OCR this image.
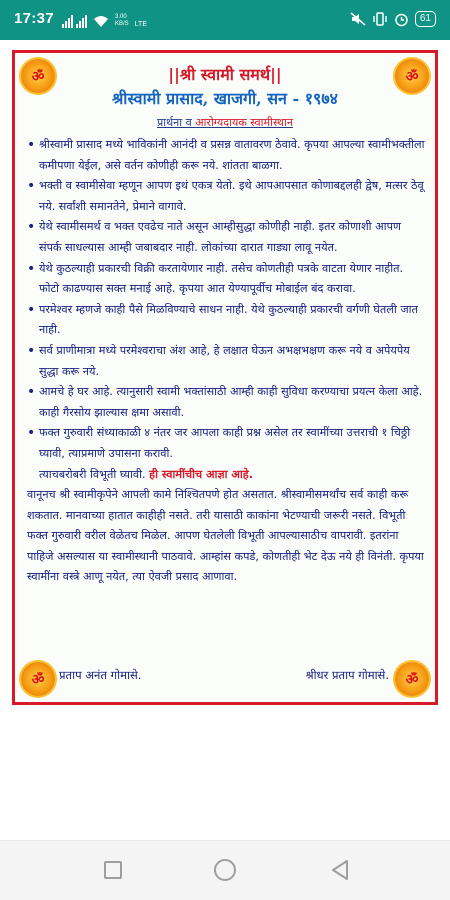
17:37	3.00
KB/S LTE
61
ॐ	ॐ
ॐ	ॐ
||श्री स्वामी समर्थ||
श्रीस्वामी प्रासाद, खाजगी, सन - १९७४
प्रार्थना व आरोग्यदायक स्वामीस्थान
• श्रीस्वामी प्रासाद मध्ये भाविकांनी आनंदी व प्रसन्न वातावरण ठेवावे. कृपया आपल्या स्वामीभक्तीला कमीपणा येईल, असे वर्तन कोणीही करू नये. शांतता बाळगा.
• भक्ती व स्वामीसेवा म्हणून आपण इथं एकत्र येतो. इथे आपआपसात कोणाबद्दलही द्वेष, मत्सर ठेवू नये. सर्वांशी समानतेने, प्रेमाने वागावे.
• येथे स्वामीसमर्थ व भक्त एवढेच नाते असून आम्हीसुद्धा कोणीही नाही. इतर कोणाशी आपण संपर्क साधल्यास आम्ही जबाबदार नाही. लोकांच्या दारात गाड्या लावू नयेत.
• येथे कुठल्याही प्रकारची विक्री करतायेणार नाही. तसेच कोणतीही पत्रके वाटता येणार नाहीत. फोटो काढण्यास सक्त मनाई आहे. कृपया आत येण्यापूर्वीच मोबाईल बंद करावा.
• परमेश्वर म्हणजे काही पैसे मिळविण्याचे साधन नाही. येथे कुठल्याही प्रकारची वर्गणी घेतली जात नाही.
• सर्व प्राणीमात्रा मध्ये परमेश्वराचा अंश आहे, हे लक्षात घेऊन अभक्षभक्षण करू नये व अपेयपेय सुद्धा करू नये.
• आमचे हे घर आहे. त्यानुसारी स्वामी भक्तांसाठी आम्ही काही सुविधा करण्याचा प्रयत्न केला आहे. काही गैरसोय झाल्यास क्षमा असावी.
• फक्त गुरुवारी संध्याकाळी ४ नंतर जर आपला काही प्रश्न असेल तर स्वामींच्या उत्तराची १ चिठ्ठी घ्यावी, त्याप्रमाणे उपासना करावी.
त्याचबरोबरी विभूती घ्यावी. ही स्वामींचीच आज्ञा आहे.
वानूनच श्री स्वामीकृपेने आपली कामे निश्चितपणे होत असतात. श्रीस्वामीसमर्थांच सर्व काही करू शकतात. मानवाच्या हातात काहीही नसते. तरी यासाठी काकांना भेटण्याची जरूरी नसते. विभूती फक्त गुरुवारी वरील वेळेतच मिळेल. आपण घेतलेली विभूती आपल्यासाठीच वापरावी. इतरांना पाहिजे असल्यास या स्वामीस्थानी पाठवावे. आम्हांस कपडे, कोणतीही भेट देऊ नये ही विनंती. कृपया स्वामींना वस्त्रे आणू नयेत, त्या ऐवजी प्रसाद आणावा.
प्रताप अनंत गोमासे.	श्रीधर प्रताप गोमासे.
